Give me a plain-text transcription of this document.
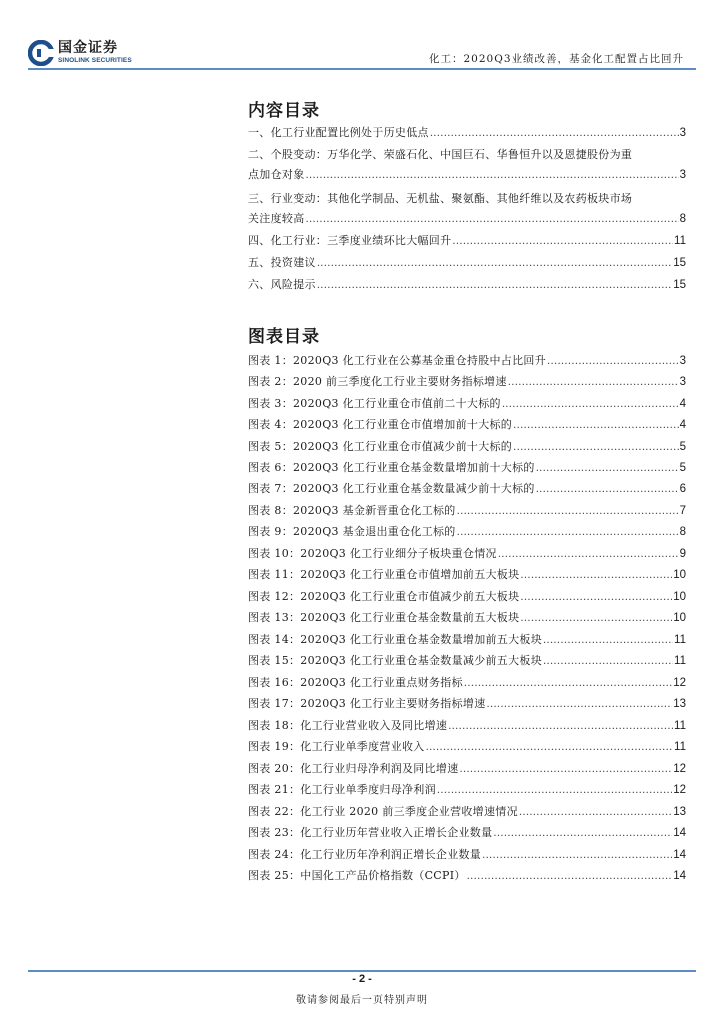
国金证券
SINOLINK SECURITIES	化工：2020Q3业绩改善，基金化工配置占比回升
内容目录
一、化工行业配置比例处于历史低点 .....	3
二、个股变动：万华化学、荣盛石化、中国巨石、华鲁恒升以及恩捷股份为重
点加仓对象 .....	3
三、行业变动：其他化学制品、无机盐、聚氨酯、其他纤维以及农药板块市场
关注度较高 .....	8
四、化工行业：三季度业绩环比大幅回升 .....	11
五、投资建议 .....	15
六、风险提示 .....	15
图表目录
图表 1：2020Q3 化工行业在公募基金重仓持股中占比回升 .....	3
图表 2：2020 前三季度化工行业主要财务指标增速 .....	3
图表 3：2020Q3 化工行业重仓市值前二十大标的 .....	4
图表 4：2020Q3 化工行业重仓市值增加前十大标的 .....	4
图表 5：2020Q3 化工行业重仓市值减少前十大标的 .....	5
图表 6：2020Q3 化工行业重仓基金数量增加前十大标的 .....	5
图表 7：2020Q3 化工行业重仓基金数量减少前十大标的 .....	6
图表 8：2020Q3 基金新晋重仓化工标的 .....	7
图表 9：2020Q3 基金退出重仓化工标的 .....	8
图表 10：2020Q3 化工行业细分子板块重仓情况 .....	9
图表 11：2020Q3 化工行业重仓市值增加前五大板块 .....	10
图表 12：2020Q3 化工行业重仓市值减少前五大板块 .....	10
图表 13：2020Q3 化工行业重仓基金数量前五大板块 .....	10
图表 14：2020Q3 化工行业重仓基金数量增加前五大板块 .....	11
图表 15：2020Q3 化工行业重仓基金数量减少前五大板块 .....	11
图表 16：2020Q3 化工行业重点财务指标 .....	12
图表 17：2020Q3 化工行业主要财务指标增速 .....	13
图表 18：化工行业营业收入及同比增速 .....	11
图表 19：化工行业单季度营业收入 .....	11
图表 20：化工行业归母净利润及同比增速 .....	12
图表 21：化工行业单季度归母净利润 .....	12
图表 22：化工行业 2020 前三季度企业营收增速情况 .....	13
图表 23：化工行业历年营业收入正增长企业数量 .....	14
图表 24：化工行业历年净利润正增长企业数量 .....	14
图表 25：中国化工产品价格指数（CCPI） .....	14
- 2 -
敬请参阅最后一页特别声明
